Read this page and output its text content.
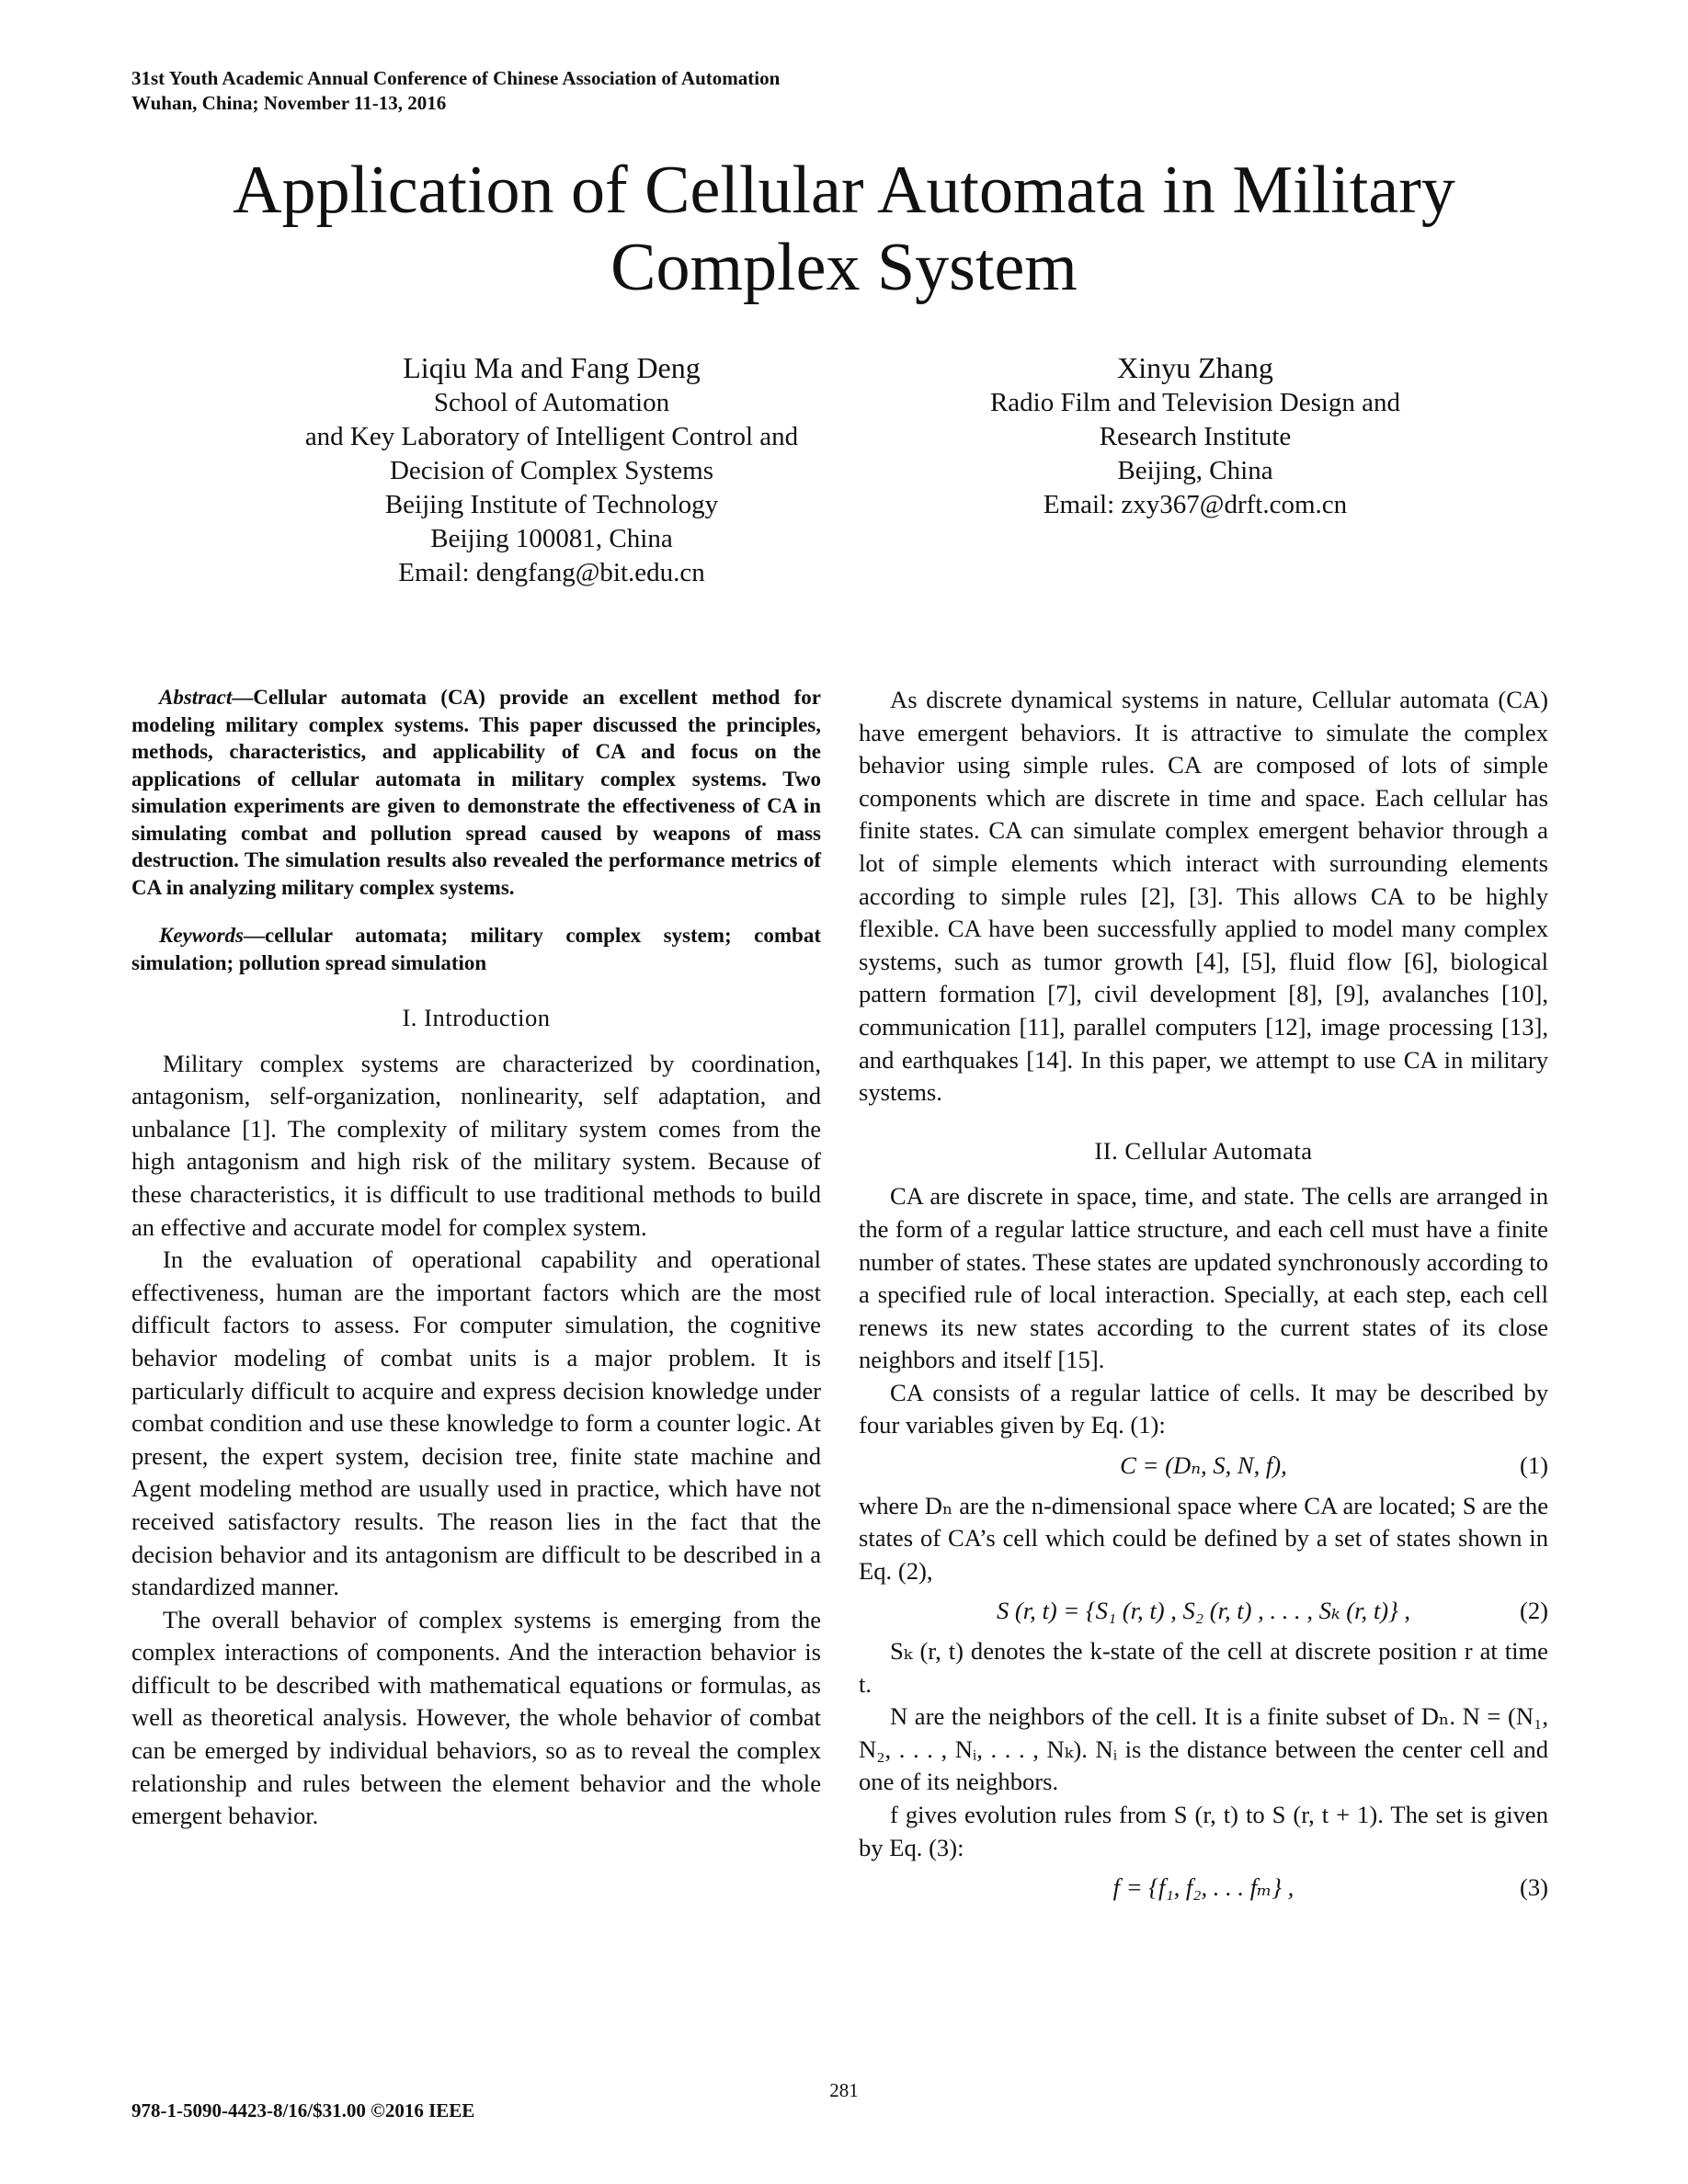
31st Youth Academic Annual Conference of Chinese Association of Automation
Wuhan, China; November 11-13, 2016
Application of Cellular Automata in Military
Complex System
Liqiu Ma and Fang Deng
School of Automation
and Key Laboratory of Intelligent Control and
Decision of Complex Systems
Beijing Institute of Technology
Beijing 100081, China
Email: dengfang@bit.edu.cn
Xinyu Zhang
Radio Film and Television Design and
Research Institute
Beijing, China
Email: zxy367@drft.com.cn

Abstract—Cellular automata (CA) provide an excellent method for modeling military complex systems. This paper discussed the principles, methods, characteristics, and applicability of CA and focus on the applications of cellular automata in military complex systems. Two simulation experiments are given to demonstrate the effectiveness of CA in simulating combat and pollution spread caused by weapons of mass destruction. The simulation results also revealed the performance metrics of CA in analyzing military complex systems.

Keywords—cellular automata; military complex system; combat simulation; pollution spread simulation

I. Introduction

Military complex systems are characterized by coordination, antagonism, self-organization, nonlinearity, self adaptation, and unbalance [1]. The complexity of military system comes from the high antagonism and high risk of the military system. Because of these characteristics, it is difficult to use traditional methods to build an effective and accurate model for complex system.

In the evaluation of operational capability and operational effectiveness, human are the important factors which are the most difficult factors to assess. For computer simulation, the cognitive behavior modeling of combat units is a major problem. It is particularly difficult to acquire and express decision knowledge under combat condition and use these knowledge to form a counter logic. At present, the expert system, decision tree, finite state machine and Agent modeling method are usually used in practice, which have not received satisfactory results. The reason lies in the fact that the decision behavior and its antagonism are difficult to be described in a standardized manner.

The overall behavior of complex systems is emerging from the complex interactions of components. And the interaction behavior is difficult to be described with mathematical equations or formulas, as well as theoretical analysis. However, the whole behavior of combat can be emerged by individual behaviors, so as to reveal the complex relationship and rules between the element behavior and the whole emergent behavior.

As discrete dynamical systems in nature, Cellular automata (CA) have emergent behaviors. It is attractive to simulate the complex behavior using simple rules. CA are composed of lots of simple components which are discrete in time and space. Each cellular has finite states. CA can simulate complex emergent behavior through a lot of simple elements which interact with surrounding elements according to simple rules [2], [3]. This allows CA to be highly flexible. CA have been successfully applied to model many complex systems, such as tumor growth [4], [5], fluid flow [6], biological pattern formation [7], civil development [8], [9], avalanches [10], communication [11], parallel computers [12], image processing [13], and earthquakes [14]. In this paper, we attempt to use CA in military systems.

II. Cellular Automata

CA are discrete in space, time, and state. The cells are arranged in the form of a regular lattice structure, and each cell must have a finite number of states. These states are updated synchronously according to a specified rule of local interaction. Specially, at each step, each cell renews its new states according to the current states of its close neighbors and itself [15].

CA consists of a regular lattice of cells. It may be described by four variables given by Eq. (1):

C = (Dₙ, S, N, f),	(1)

where Dₙ are the n-dimensional space where CA are located; S are the states of CA’s cell which could be defined by a set of states shown in Eq. (2),

S (r, t) = {S₁ (r, t) , S₂ (r, t) , . . . , Sₖ (r, t)} ,	(2)

Sₖ (r, t) denotes the k-state of the cell at discrete position r at time t.

N are the neighbors of the cell. It is a finite subset of Dₙ. N = (N₁, N₂, . . . , Nᵢ, . . . , Nₖ). Nᵢ is the distance between the center cell and one of its neighbors.

f gives evolution rules from S (r, t) to S (r, t + 1). The set is given by Eq. (3):

f = {f₁, f₂, . . . fₘ} ,	(3)
281
978-1-5090-4423-8/16/$31.00 ©2016 IEEE
